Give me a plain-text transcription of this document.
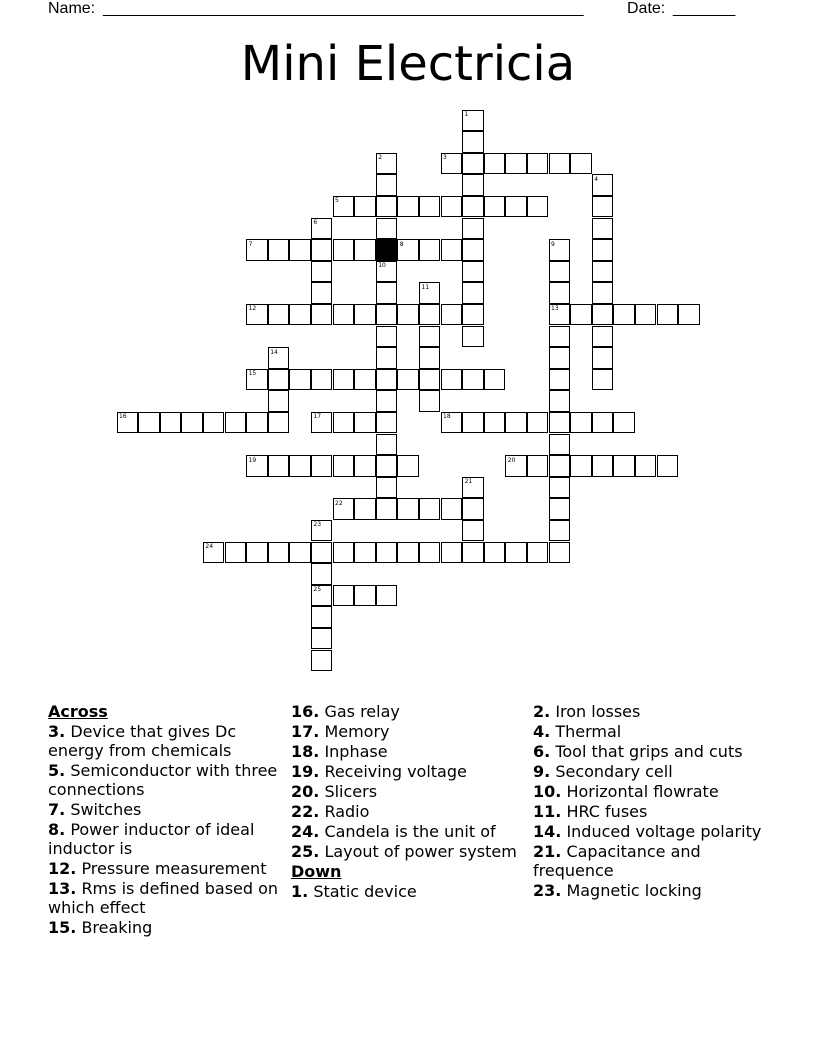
Name: ______________________________________________________	Date: _______
Mini Electricia
1
2	3
4
5
6
7	8	9
10
11
12	13
14
15
16	17	18
19	20
21
22
23
24
25

Across

3. Device that gives Dc energy from chemicals

5. Semiconductor with three connections

7. Switches

8. Power inductor of ideal inductor is

12. Pressure measurement

13. Rms is defined based on which effect

15. Breaking

16. Gas relay

17. Memory

18. Inphase

19. Receiving voltage

20. Slicers

22. Radio

24. Candela is the unit of

25. Layout of power system

Down

1. Static device

2. Iron losses

4. Thermal

6. Tool that grips and cuts

9. Secondary cell

10. Horizontal flowrate

11. HRC fuses

14. Induced voltage polarity

21. Capacitance and frequence

23. Magnetic locking
